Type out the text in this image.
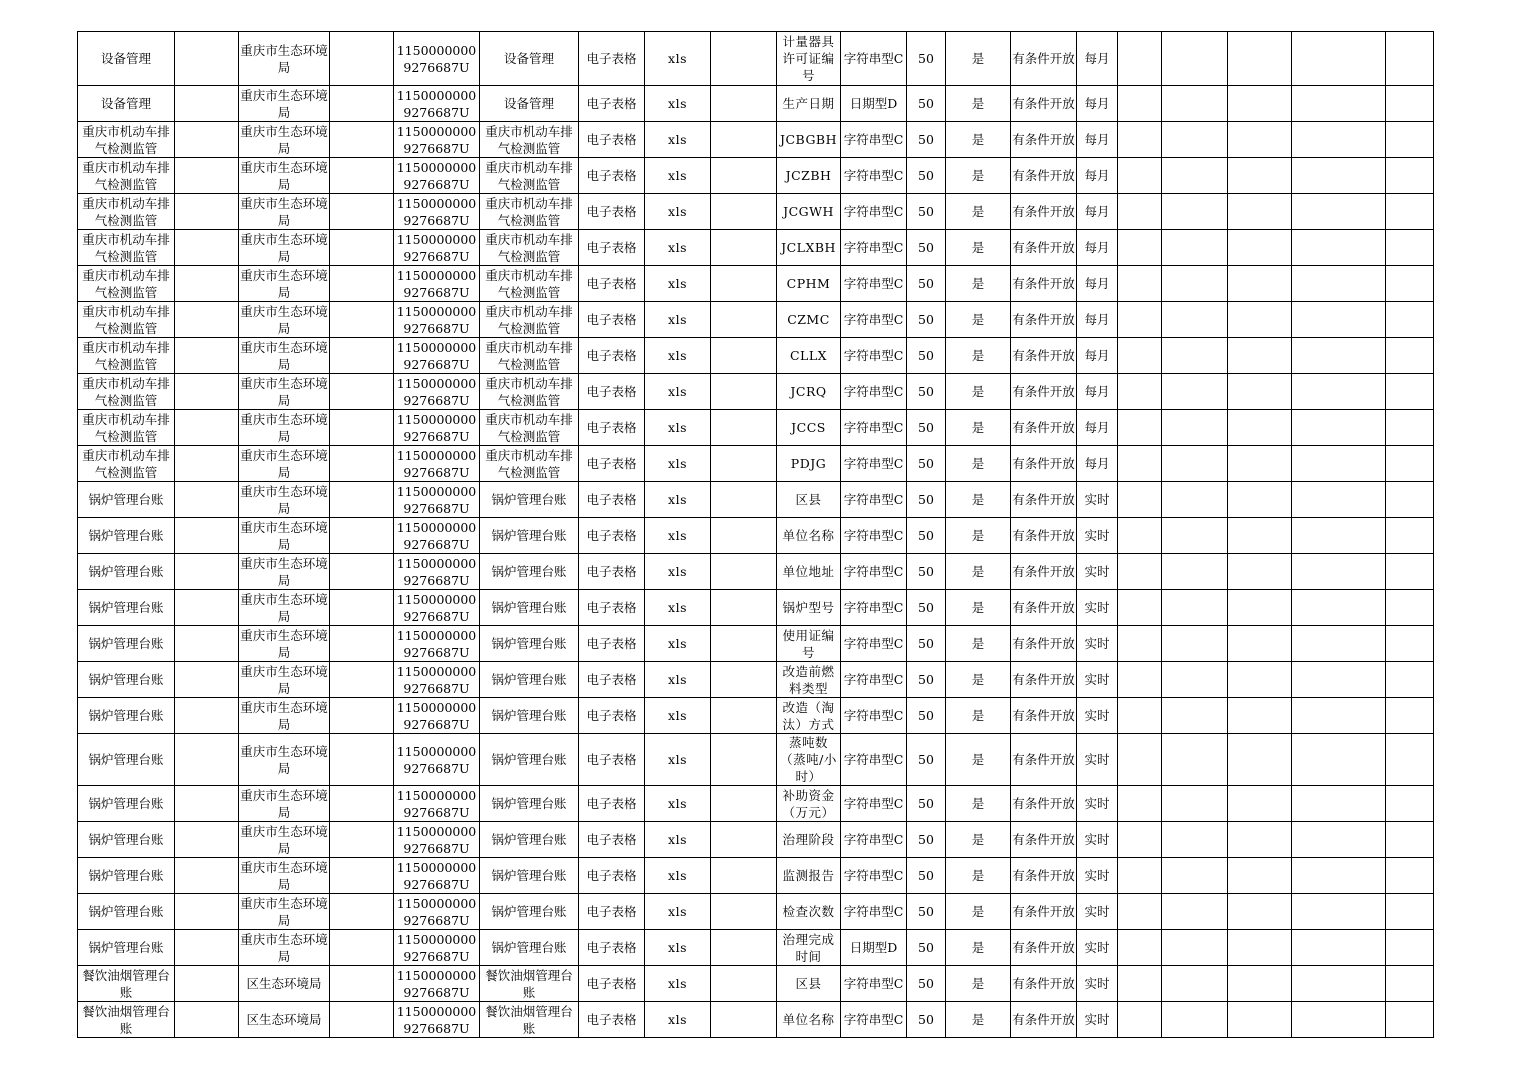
设备管理		重庆市生态环境局		11500000009276687U	设备管理	电子表格	xls		计量器具许可证编号	字符串型C	50	是	有条件开放	每月					
设备管理		重庆市生态环境局		11500000009276687U	设备管理	电子表格	xls		生产日期	日期型D	50	是	有条件开放	每月					
重庆市机动车排气检测监管		重庆市生态环境局		11500000009276687U	重庆市机动车排气检测监管	电子表格	xls		JCBGBH	字符串型C	50	是	有条件开放	每月					
重庆市机动车排气检测监管		重庆市生态环境局		11500000009276687U	重庆市机动车排气检测监管	电子表格	xls		JCZBH	字符串型C	50	是	有条件开放	每月					
重庆市机动车排气检测监管		重庆市生态环境局		11500000009276687U	重庆市机动车排气检测监管	电子表格	xls		JCGWH	字符串型C	50	是	有条件开放	每月					
重庆市机动车排气检测监管		重庆市生态环境局		11500000009276687U	重庆市机动车排气检测监管	电子表格	xls		JCLXBH	字符串型C	50	是	有条件开放	每月					
重庆市机动车排气检测监管		重庆市生态环境局		11500000009276687U	重庆市机动车排气检测监管	电子表格	xls		CPHM	字符串型C	50	是	有条件开放	每月					
重庆市机动车排气检测监管		重庆市生态环境局		11500000009276687U	重庆市机动车排气检测监管	电子表格	xls		CZMC	字符串型C	50	是	有条件开放	每月					
重庆市机动车排气检测监管		重庆市生态环境局		11500000009276687U	重庆市机动车排气检测监管	电子表格	xls		CLLX	字符串型C	50	是	有条件开放	每月					
重庆市机动车排气检测监管		重庆市生态环境局		11500000009276687U	重庆市机动车排气检测监管	电子表格	xls		JCRQ	字符串型C	50	是	有条件开放	每月					
重庆市机动车排气检测监管		重庆市生态环境局		11500000009276687U	重庆市机动车排气检测监管	电子表格	xls		JCCS	字符串型C	50	是	有条件开放	每月					
重庆市机动车排气检测监管		重庆市生态环境局		11500000009276687U	重庆市机动车排气检测监管	电子表格	xls		PDJG	字符串型C	50	是	有条件开放	每月					
锅炉管理台账		重庆市生态环境局		11500000009276687U	锅炉管理台账	电子表格	xls		区县	字符串型C	50	是	有条件开放	实时					
锅炉管理台账		重庆市生态环境局		11500000009276687U	锅炉管理台账	电子表格	xls		单位名称	字符串型C	50	是	有条件开放	实时					
锅炉管理台账		重庆市生态环境局		11500000009276687U	锅炉管理台账	电子表格	xls		单位地址	字符串型C	50	是	有条件开放	实时					
锅炉管理台账		重庆市生态环境局		11500000009276687U	锅炉管理台账	电子表格	xls		锅炉型号	字符串型C	50	是	有条件开放	实时					
锅炉管理台账		重庆市生态环境局		11500000009276687U	锅炉管理台账	电子表格	xls		使用证编号	字符串型C	50	是	有条件开放	实时					
锅炉管理台账		重庆市生态环境局		11500000009276687U	锅炉管理台账	电子表格	xls		改造前燃料类型	字符串型C	50	是	有条件开放	实时					
锅炉管理台账		重庆市生态环境局		11500000009276687U	锅炉管理台账	电子表格	xls		改造（淘汰）方式	字符串型C	50	是	有条件开放	实时					
锅炉管理台账		重庆市生态环境局		11500000009276687U	锅炉管理台账	电子表格	xls		蒸吨数（蒸吨/小时）	字符串型C	50	是	有条件开放	实时					
锅炉管理台账		重庆市生态环境局		11500000009276687U	锅炉管理台账	电子表格	xls		补助资金（万元）	字符串型C	50	是	有条件开放	实时					
锅炉管理台账		重庆市生态环境局		11500000009276687U	锅炉管理台账	电子表格	xls		治理阶段	字符串型C	50	是	有条件开放	实时					
锅炉管理台账		重庆市生态环境局		11500000009276687U	锅炉管理台账	电子表格	xls		监测报告	字符串型C	50	是	有条件开放	实时					
锅炉管理台账		重庆市生态环境局		11500000009276687U	锅炉管理台账	电子表格	xls		检查次数	字符串型C	50	是	有条件开放	实时					
锅炉管理台账		重庆市生态环境局		11500000009276687U	锅炉管理台账	电子表格	xls		治理完成时间	日期型D	50	是	有条件开放	实时					
餐饮油烟管理台账		区生态环境局		11500000009276687U	餐饮油烟管理台账	电子表格	xls		区县	字符串型C	50	是	有条件开放	实时					
餐饮油烟管理台账		区生态环境局		11500000009276687U	餐饮油烟管理台账	电子表格	xls		单位名称	字符串型C	50	是	有条件开放	实时					
